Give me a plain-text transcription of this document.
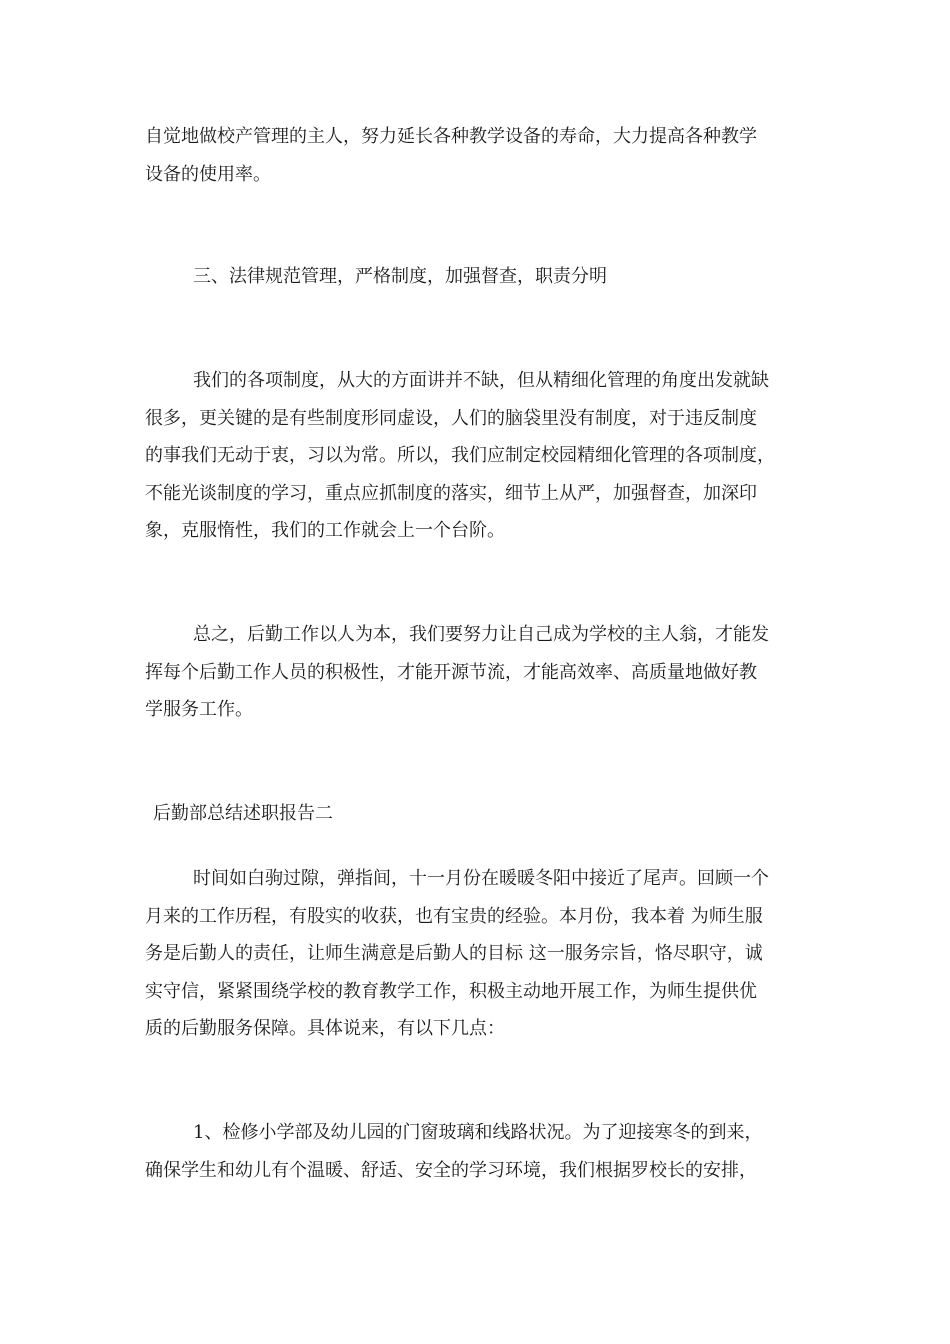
自觉地做校产管理的主人，努力延长各种教学设备的寿命，大力提高各种教学
设备的使用率。
三、法律规范管理，严格制度，加强督查，职责分明
我们的各项制度，从大的方面讲并不缺，但从精细化管理的角度出发就缺
很多，更关键的是有些制度形同虚设，人们的脑袋里没有制度，对于违反制度
的事我们无动于衷，习以为常。所以，我们应制定校园精细化管理的各项制度，
不能光谈制度的学习，重点应抓制度的落实，细节上从严，加强督查，加深印
象，克服惰性，我们的工作就会上一个台阶。
总之，后勤工作以人为本，我们要努力让自己成为学校的主人翁，才能发
挥每个后勤工作人员的积极性，才能开源节流，才能高效率、高质量地做好教
学服务工作。
后勤部总结述职报告二
时间如白驹过隙，弹指间，十一月份在暖暖冬阳中接近了尾声。回顾一个
月来的工作历程，有股实的收获，也有宝贵的经验。本月份，我本着 为师生服
务是后勤人的责任，让师生满意是后勤人的目标 这一服务宗旨，恪尽职守，诚
实守信，紧紧围绕学校的教育教学工作，积极主动地开展工作，为师生提供优
质的后勤服务保障。具体说来，有以下几点：
1、检修小学部及幼儿园的门窗玻璃和线路状况。为了迎接寒冬的到来，
确保学生和幼儿有个温暖、舒适、安全的学习环境，我们根据罗校长的安排，
